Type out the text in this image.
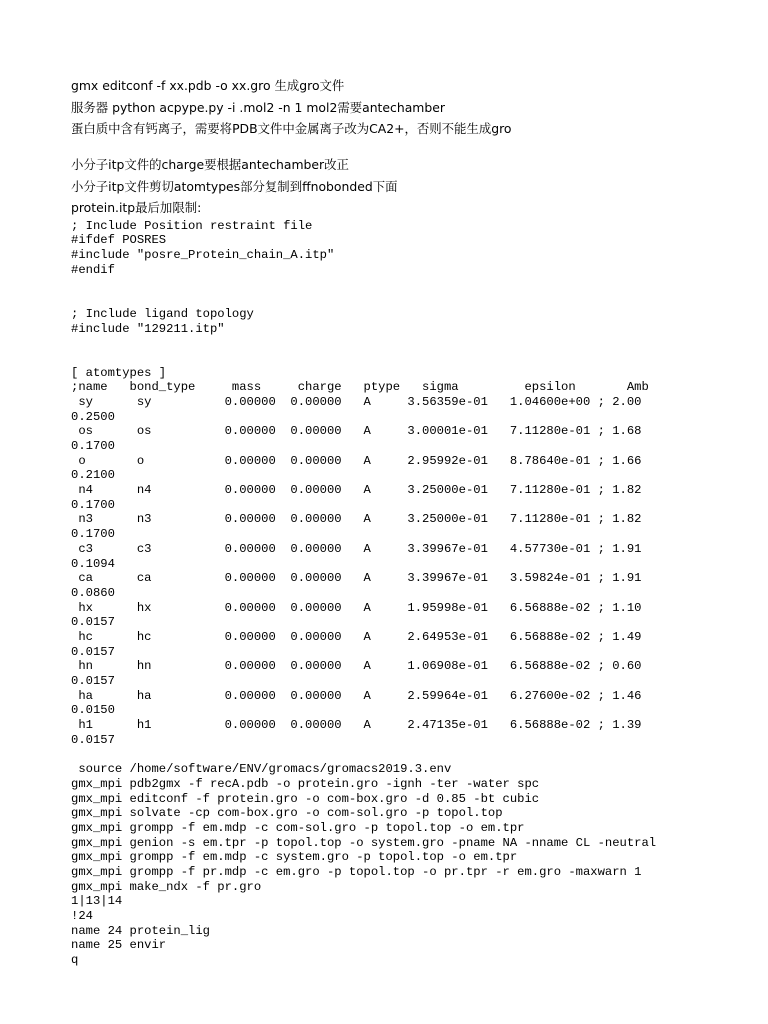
gmx editconf -f xx.pdb -o xx.gro 生成gro文件
服务器 python acpype.py -i .mol2 -n 1 mol2需要antechamber
蛋白质中含有钙离子，需要将PDB文件中金属离子改为CA2+，否则不能生成gro
小分子itp文件的charge要根据antechamber改正
小分子itp文件剪切atomtypes部分复制到ffnobonded下面
protein.itp最后加限制:
; Include Position restraint file
#ifdef POSRES
#include "posre_Protein_chain_A.itp"
#endif
; Include ligand topology
#include "129211.itp"
[ atomtypes ]
;name   bond_type     mass     charge   ptype   sigma         epsilon       Amb
sy      sy          0.00000  0.00000   A     3.56359e-01   1.04600e+00 ; 2.00
0.2500
os      os          0.00000  0.00000   A     3.00001e-01   7.11280e-01 ; 1.68
0.1700
o       o           0.00000  0.00000   A     2.95992e-01   8.78640e-01 ; 1.66
0.2100
n4      n4          0.00000  0.00000   A     3.25000e-01   7.11280e-01 ; 1.82
0.1700
n3      n3          0.00000  0.00000   A     3.25000e-01   7.11280e-01 ; 1.82
0.1700
c3      c3          0.00000  0.00000   A     3.39967e-01   4.57730e-01 ; 1.91
0.1094
ca      ca          0.00000  0.00000   A     3.39967e-01   3.59824e-01 ; 1.91
0.0860
hx      hx          0.00000  0.00000   A     1.95998e-01   6.56888e-02 ; 1.10
0.0157
hc      hc          0.00000  0.00000   A     2.64953e-01   6.56888e-02 ; 1.49
0.0157
hn      hn          0.00000  0.00000   A     1.06908e-01   6.56888e-02 ; 0.60
0.0157
ha      ha          0.00000  0.00000   A     2.59964e-01   6.27600e-02 ; 1.46
0.0150
h1      h1          0.00000  0.00000   A     2.47135e-01   6.56888e-02 ; 1.39
0.0157
source /home/software/ENV/gromacs/gromacs2019.3.env
gmx_mpi pdb2gmx -f recA.pdb -o protein.gro -ignh -ter -water spc
gmx_mpi editconf -f protein.gro -o com-box.gro -d 0.85 -bt cubic
gmx_mpi solvate -cp com-box.gro -o com-sol.gro -p topol.top
gmx_mpi grompp -f em.mdp -c com-sol.gro -p topol.top -o em.tpr
gmx_mpi genion -s em.tpr -p topol.top -o system.gro -pname NA -nname CL -neutral
gmx_mpi grompp -f em.mdp -c system.gro -p topol.top -o em.tpr
gmx_mpi grompp -f pr.mdp -c em.gro -p topol.top -o pr.tpr -r em.gro -maxwarn 1
gmx_mpi make_ndx -f pr.gro
1|13|14
!24
name 24 protein_lig
name 25 envir
q
